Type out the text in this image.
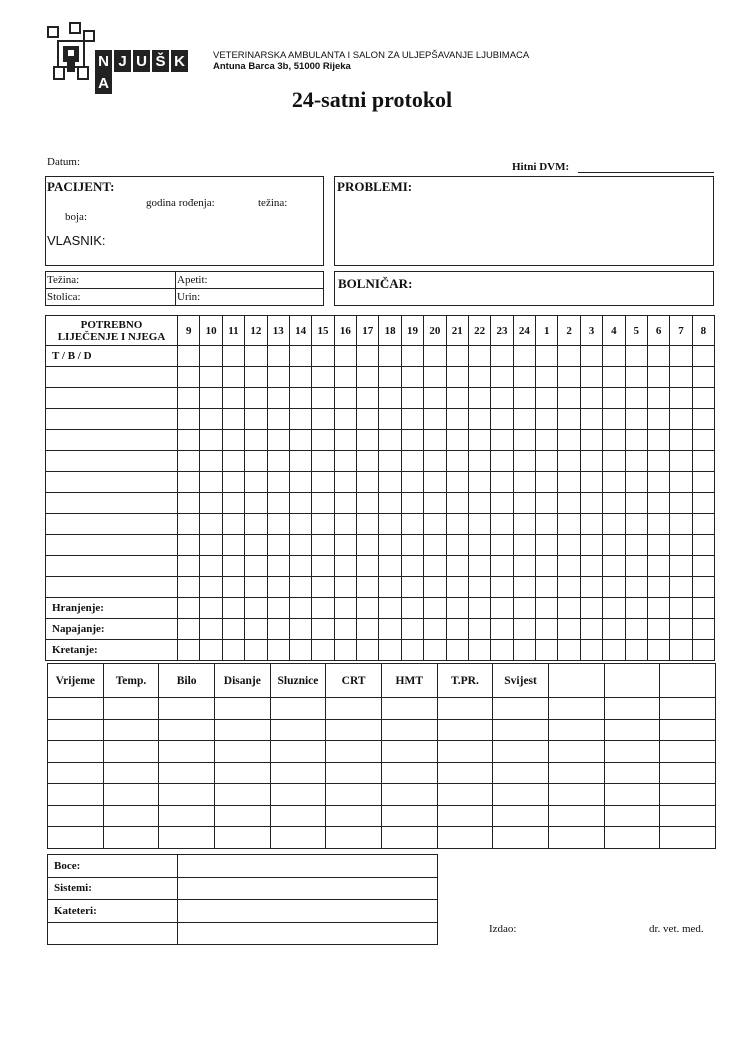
N J U Š KA
VETERINARSKA AMBULANTA I SALON ZA ULJEPŠAVANJE LJUBIMACA
Antuna Barca 3b, 51000 Rijeka
24-satni protokol
Datum:	Hitni DVM:
PACIJENT:
godina rođenja:	težina:
boja:
VLASNIK:
PROBLEMI:
Težina:	Apetit:
Stolica:	Urin:
BOLNIČAR:
POTREBNO
LIJEČENJE I NJEGA	9	10	11	12	13	14	15	16	17	18	19	20	21	22	23	24	1	2	3	4	5	6	7	8
T / B / D																								

Hranjenje:																								
Napajanje:																								
Kretanje:																								
Vrijeme	Temp.	Bilo	Disanje	Sluznice	CRT	HMT	T.PR.	Svijest			

Boce:	
Sistemi:	
Kateteri:	

Izdao:	dr. vet. med.
